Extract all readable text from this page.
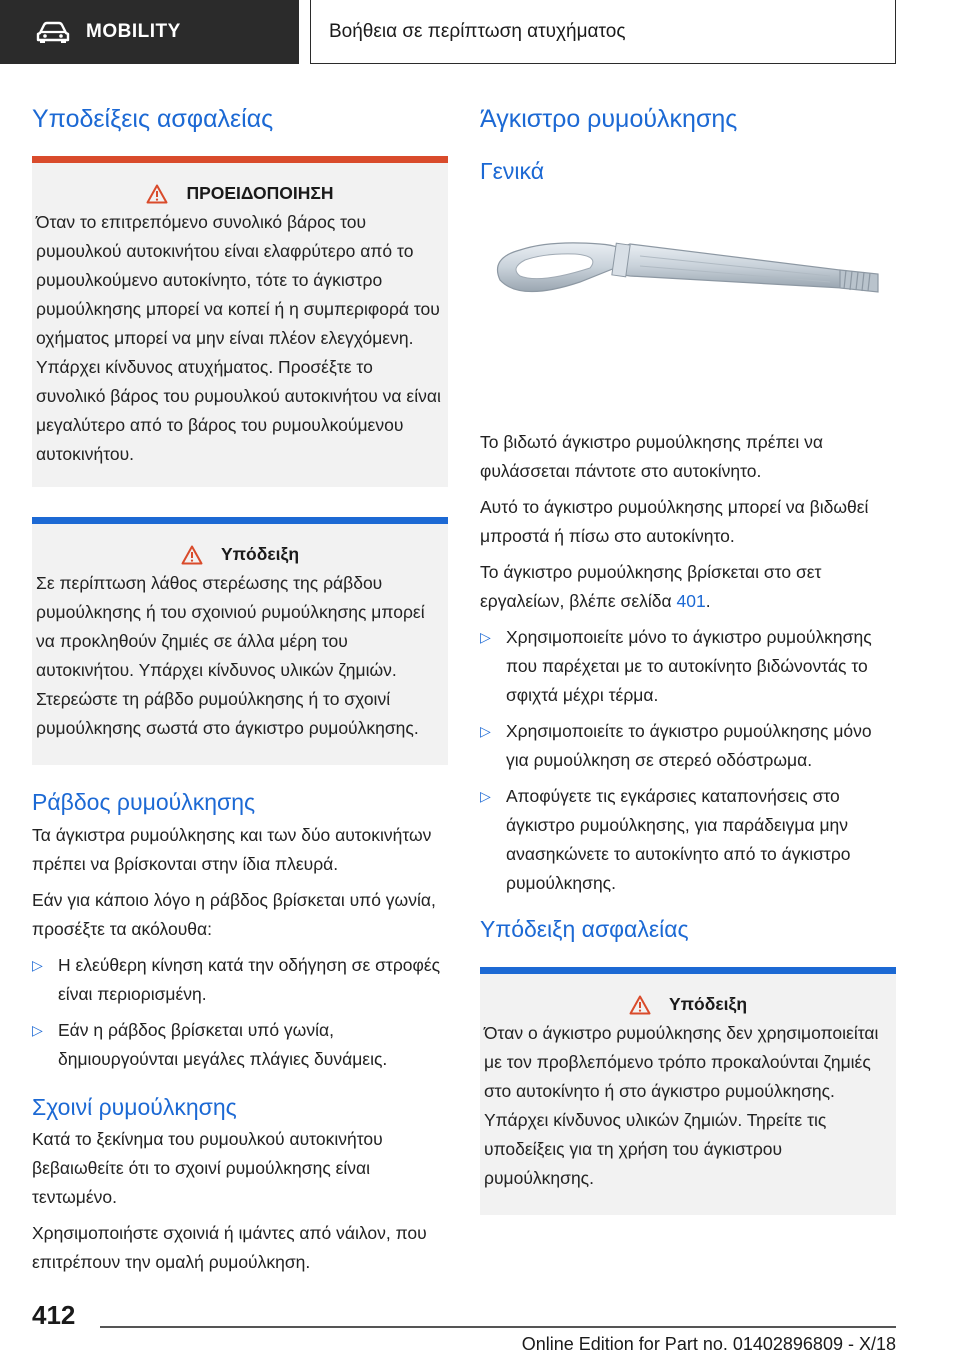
MOBILITY	Βοήθεια σε περίπτωση ατυχήματος
Υποδείξεις ασφαλείας
ΠΡΟΕΙΔΟΠΟΙΗΣΗ

Όταν το επιτρεπόμενο συνολικό βάρος του ρυμουλκού αυτοκινήτου είναι ελαφρύτερο από το ρυμουλκούμενο αυτοκίνητο, τότε το άγκιστρο ρυμούλκησης μπορεί να κοπεί ή η συμπεριφορά του οχήματος μπορεί να μην είναι πλέον ελεγχόμενη. Υπάρχει κίνδυνος ατυχήματος. Προσέξτε το συνολικό βάρος του ρυμουλκού αυτοκινήτου να είναι μεγαλύτερο από το βάρος του ρυμουλκούμενου αυτοκινήτου.

Υπόδειξη

Σε περίπτωση λάθος στερέωσης της ράβδου ρυμούλκησης ή του σχοινιού ρυμούλκησης μπορεί να προκληθούν ζημιές σε άλλα μέρη του αυτοκινήτου. Υπάρχει κίνδυνος υλικών ζημιών. Στερεώστε τη ράβδο ρυμούλκησης ή το σχοινί ρυμούλκησης σωστά στο άγκιστρο ρυμούλκησης.

Ράβδος ρυμούλκησης

Τα άγκιστρα ρυμούλκησης και των δύο αυτοκινήτων πρέπει να βρίσκονται στην ίδια πλευρά.

Εάν για κάποιο λόγο η ράβδος βρίσκεται υπό γωνία, προσέξτε τα ακόλουθα:

▷ Η ελεύθερη κίνηση κατά την οδήγηση σε στροφές είναι περιορισμένη.
▷ Εάν η ράβδος βρίσκεται υπό γωνία, δημιουργούνται μεγάλες πλάγιες δυνάμεις.
Σχοινί ρυμούλκησης

Κατά το ξεκίνημα του ρυμουλκού αυτοκινήτου βεβαιωθείτε ότι το σχοινί ρυμούλκησης είναι τεντωμένο.

Χρησιμοποιήστε σχοινιά ή ιμάντες από νάιλον, που επιτρέπουν την ομαλή ρυμούλκηση.

Άγκιστρο ρυμούλκησης
Γενικά

Το βιδωτό άγκιστρο ρυμούλκησης πρέπει να φυλάσσεται πάντοτε στο αυτοκίνητο.

Αυτό το άγκιστρο ρυμούλκησης μπορεί να βιδωθεί μπροστά ή πίσω στο αυτοκίνητο.

Το άγκιστρο ρυμούλκησης βρίσκεται στο σετ εργαλείων, βλέπε σελίδα 401.

▷ Χρησιμοποιείτε μόνο το άγκιστρο ρυμούλκησης που παρέχεται με το αυτοκίνητο βιδώνοντάς το σφιχτά μέχρι τέρμα.
▷ Χρησιμοποιείτε το άγκιστρο ρυμούλκησης μόνο για ρυμούλκηση σε στερεό οδόστρωμα.
▷ Αποφύγετε τις εγκάρσιες καταπονήσεις στο άγκιστρο ρυμούλκησης, για παράδειγμα μην ανασηκώνετε το αυτοκίνητο από το άγκιστρο ρυμούλκησης.
Υπόδειξη ασφαλείας
Υπόδειξη

Όταν ο άγκιστρο ρυμούλκησης δεν χρησιμοποιείται με τον προβλεπόμενο τρόπο προκαλούνται ζημιές στο αυτοκίνητο ή στο άγκιστρο ρυμούλκησης. Υπάρχει κίνδυνος υλικών ζημιών. Τηρείτε τις υποδείξεις για τη χρήση του άγκιστρου ρυμούλκησης.

412
Online Edition for Part no. 01402896809 - X/18
